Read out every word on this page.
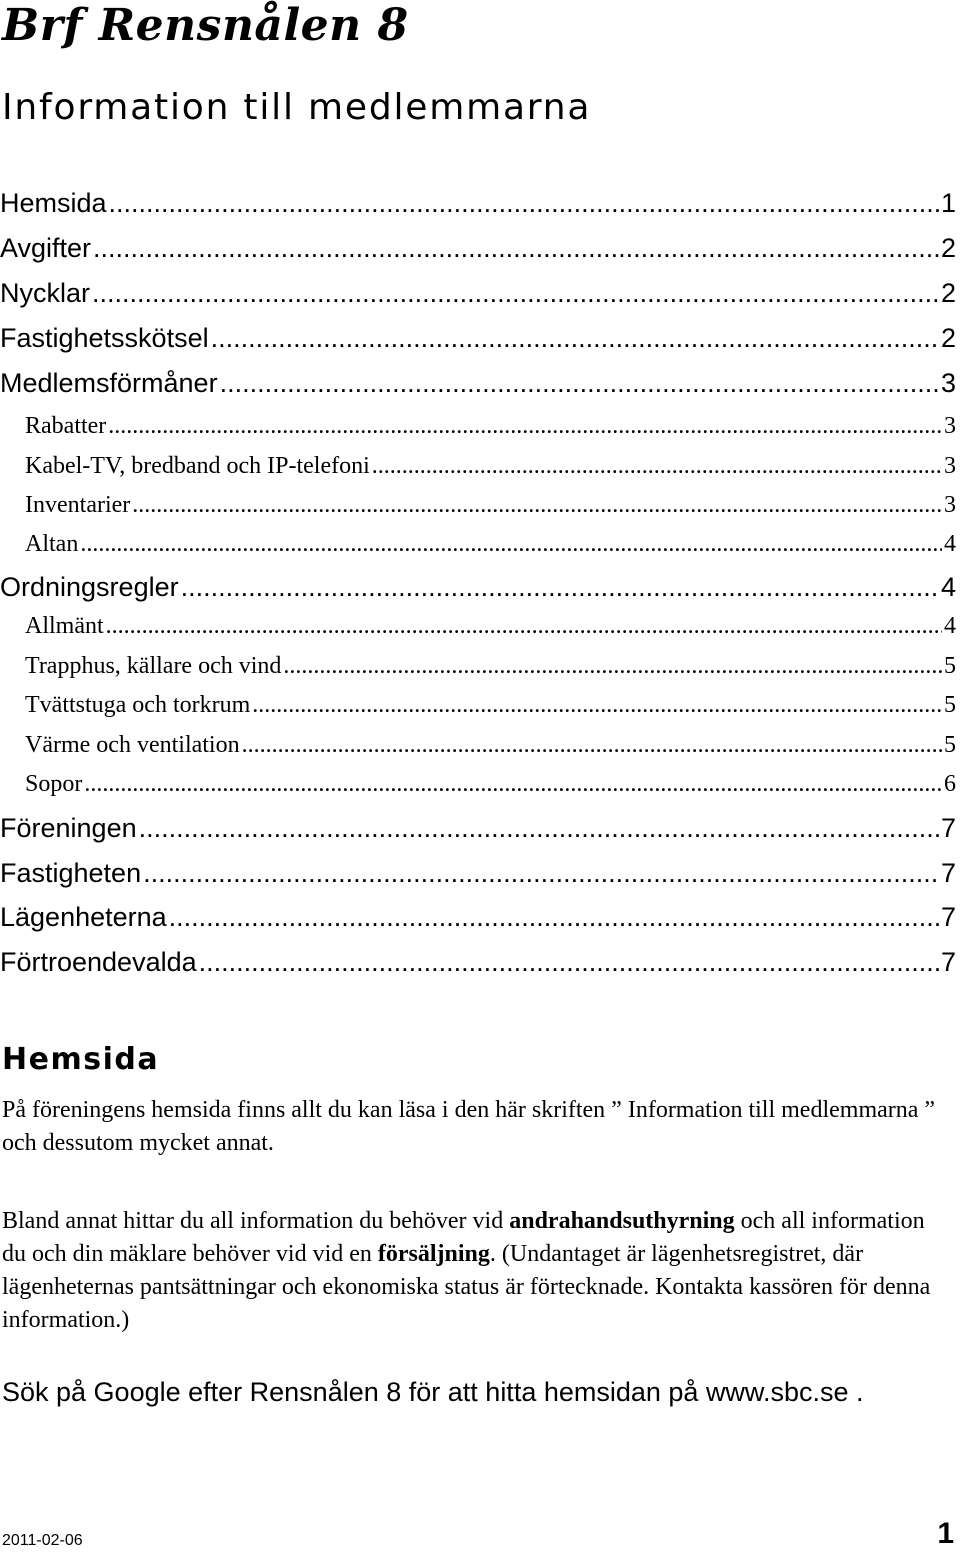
Brf Rensnålen 8
Information till medlemmarna
Hemsida .....	1
Avgifter .....	2
Nycklar .....	2
Fastighetsskötsel .....	2
Medlemsförmåner .....	3
Rabatter .....	3
Kabel-TV, bredband och IP-telefoni .....	3
Inventarier .....	3
Altan .....	4
Ordningsregler .....	4
Allmänt .....	4
Trapphus, källare och vind .....	5
Tvättstuga och torkrum .....	5
Värme och ventilation .....	5
Sopor .....	6
Föreningen .....	7
Fastigheten .....	7
Lägenheterna .....	7
Förtroendevalda .....	7
Hemsida
På föreningens hemsida finns allt du kan läsa i den här skriften ” Information till medlemmarna ” och dessutom mycket annat.
Bland annat hittar du all information du behöver vid andrahandsuthyrning och all information du och din mäklare behöver vid vid en försäljning. (Undantaget är lägenhetsregistret, där lägenheternas pantsättningar och ekonomiska status är förtecknade. Kontakta kassören för denna information.)
Sök på Google efter Rensnålen 8 för att hitta hemsidan på www.sbc.se .
2011-02-06	1
